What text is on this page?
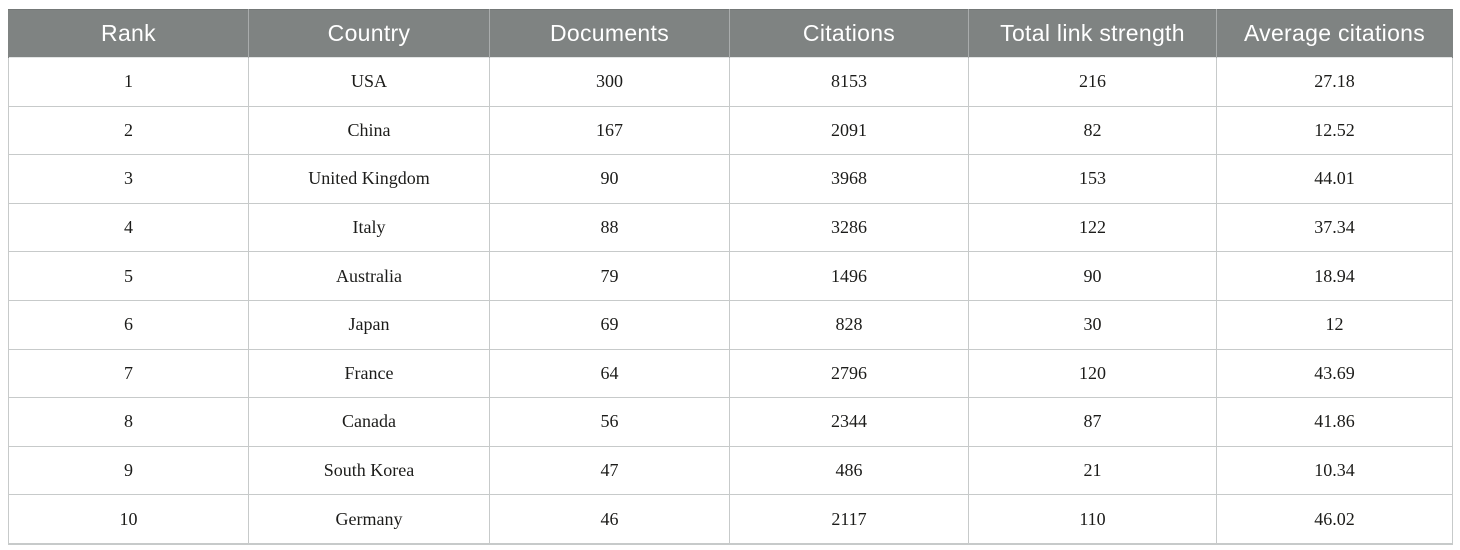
Rank	Country	Documents	Citations	Total link strength	Average citations
1	USA	300	8153	216	27.18
2	China	167	2091	82	12.52
3	United Kingdom	90	3968	153	44.01
4	Italy	88	3286	122	37.34
5	Australia	79	1496	90	18.94
6	Japan	69	828	30	12
7	France	64	2796	120	43.69
8	Canada	56	2344	87	41.86
9	South Korea	47	486	21	10.34
10	Germany	46	2117	110	46.02
